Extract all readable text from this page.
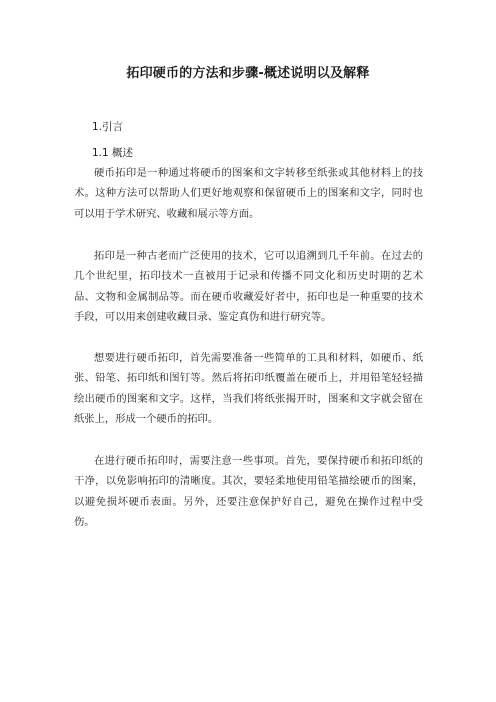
拓印硬币的方法和步骤-概述说明以及解释
1.引言
1.1 概述

硬币拓印是一种通过将硬币的图案和文字转移至纸张或其他材料上的技术。这种方法可以帮助人们更好地观察和保留硬币上的图案和文字，同时也可以用于学术研究、收藏和展示等方面。

拓印是一种古老而广泛使用的技术，它可以追溯到几千年前。在过去的几个世纪里，拓印技术一直被用于记录和传播不同文化和历史时期的艺术品、文物和金属制品等。而在硬币收藏爱好者中，拓印也是一种重要的技术手段，可以用来创建收藏目录、鉴定真伪和进行研究等。

想要进行硬币拓印，首先需要准备一些简单的工具和材料，如硬币、纸张、铅笔、拓印纸和图钉等。然后将拓印纸覆盖在硬币上，并用铅笔轻轻描绘出硬币的图案和文字。这样，当我们将纸张揭开时，图案和文字就会留在纸张上，形成一个硬币的拓印。

在进行硬币拓印时，需要注意一些事项。首先，要保持硬币和拓印纸的干净，以免影响拓印的清晰度。其次，要轻柔地使用铅笔描绘硬币的图案，以避免损坏硬币表面。另外，还要注意保护好自己，避免在操作过程中受伤。
